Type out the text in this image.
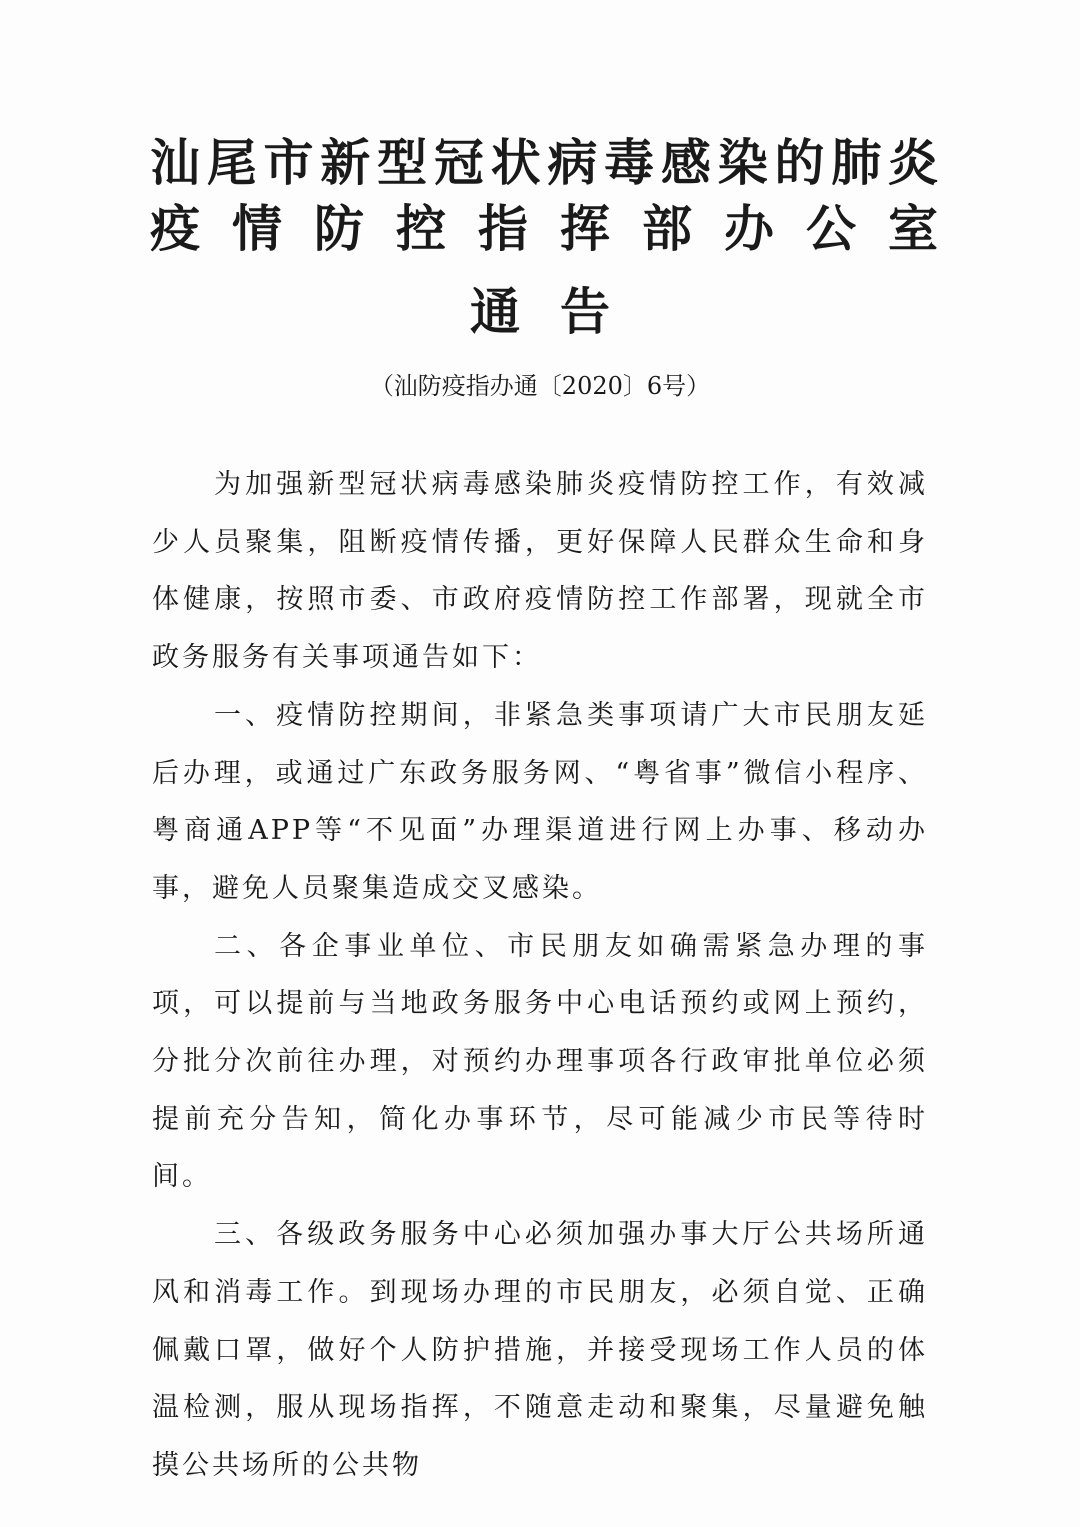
汕尾市新型冠状病毒感染的肺炎
疫情防控指挥部办公室
通告

（汕防疫指办通〔2020〕6号）

为加强新型冠状病毒感染肺炎疫情防控工作，有效减少人员聚集，阻断疫情传播，更好保障人民群众生命和身体健康，按照市委、市政府疫情防控工作部署，现就全市政务服务有关事项通告如下：

一、疫情防控期间，非紧急类事项请广大市民朋友延后办理，或通过广东政务服务网、“粤省事”微信小程序、粤商通APP等“不见面”办理渠道进行网上办事、移动办事，避免人员聚集造成交叉感染。

二、各企事业单位、市民朋友如确需紧急办理的事项，可以提前与当地政务服务中心电话预约或网上预约，分批分次前往办理，对预约办理事项各行政审批单位必须提前充分告知，简化办事环节，尽可能减少市民等待时间。

三、各级政务服务中心必须加强办事大厅公共场所通风和消毒工作。到现场办理的市民朋友，必须自觉、正确佩戴口罩，做好个人防护措施，并接受现场工作人员的体温检测，服从现场指挥，不随意走动和聚集，尽量避免触摸公共场所的公共物
